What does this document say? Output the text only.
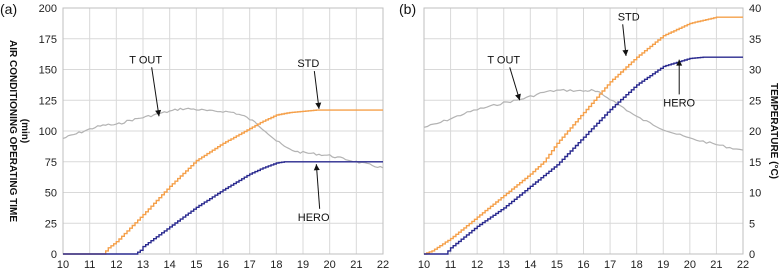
10 11 12 13 14 15 16 17 18 19 20 21 22
0
25
50
75
100
125
150
175
200
T OUT	STD
HERO
(a)
AIR CONDITIONING OPERATING TIME (min)
10 11 12 13 14 15 16 17 18 19 20 21 22
0
5
10
15
20
25
30
35
40
T OUT
STD
HERO
(b)
TEMPERATURE (°C)
